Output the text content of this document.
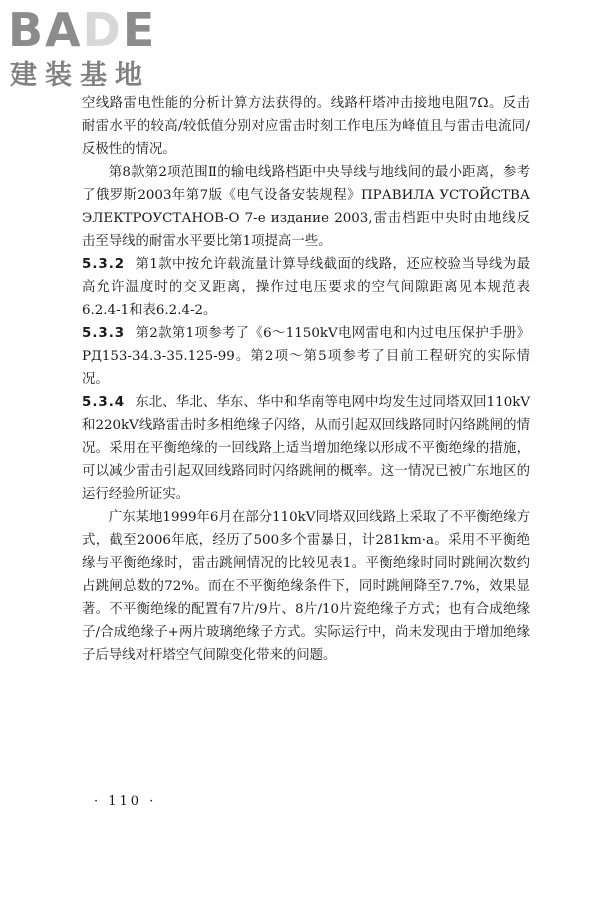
BADE
建装基地

空线路雷电性能的分析计算方法获得的。线路杆塔冲击接地电阻7Ω。反击耐雷水平的较高/较低值分别对应雷击时刻工作电压为峰值且与雷击电流同/反极性的情况。

第8款第2项范围Ⅱ的输电线路档距中央导线与地线间的最小距离，参考了俄罗斯2003年第7版《电气设备安装规程》ПРАВИЛА УСТОЙСТВА ЭЛЕКТРОУСТАНОВ-О 7-е издание 2003,雷击档距中央时由地线反击至导线的耐雷水平要比第1项提高一些。

5.3.2 第1款中按允许载流量计算导线截面的线路，还应校验当导线为最高允许温度时的交叉距离，操作过电压要求的空气间隙距离见本规范表6.2.4-1和表6.2.4-2。

5.3.3 第2款第1项参考了《6～1150kV电网雷电和内过电压保护手册》РД153-34.3-35.125-99。第2项～第5项参考了目前工程研究的实际情况。

5.3.4 东北、华北、华东、华中和华南等电网中均发生过同塔双回110kV和220kV线路雷击时多相绝缘子闪络，从而引起双回线路同时闪络跳闸的情况。采用在平衡绝缘的一回线路上适当增加绝缘以形成不平衡绝缘的措施，可以减少雷击引起双回线路同时闪络跳闸的概率。这一情况已被广东地区的运行经验所证实。

广东某地1999年6月在部分110kV同塔双回线路上采取了不平衡绝缘方式，截至2006年底，经历了500多个雷暴日，计281km·a。采用不平衡绝缘与平衡绝缘时，雷击跳闸情况的比较见表1。平衡绝缘时同时跳闸次数约占跳闸总数的72%。而在不平衡绝缘条件下，同时跳闸降至7.7%，效果显著。不平衡绝缘的配置有7片/9片、8片/10片瓷绝缘子方式；也有合成绝缘子/合成绝缘子+两片玻璃绝缘子方式。实际运行中，尚未发现由于增加绝缘子后导线对杆塔空气间隙变化带来的问题。

· 110 ·
